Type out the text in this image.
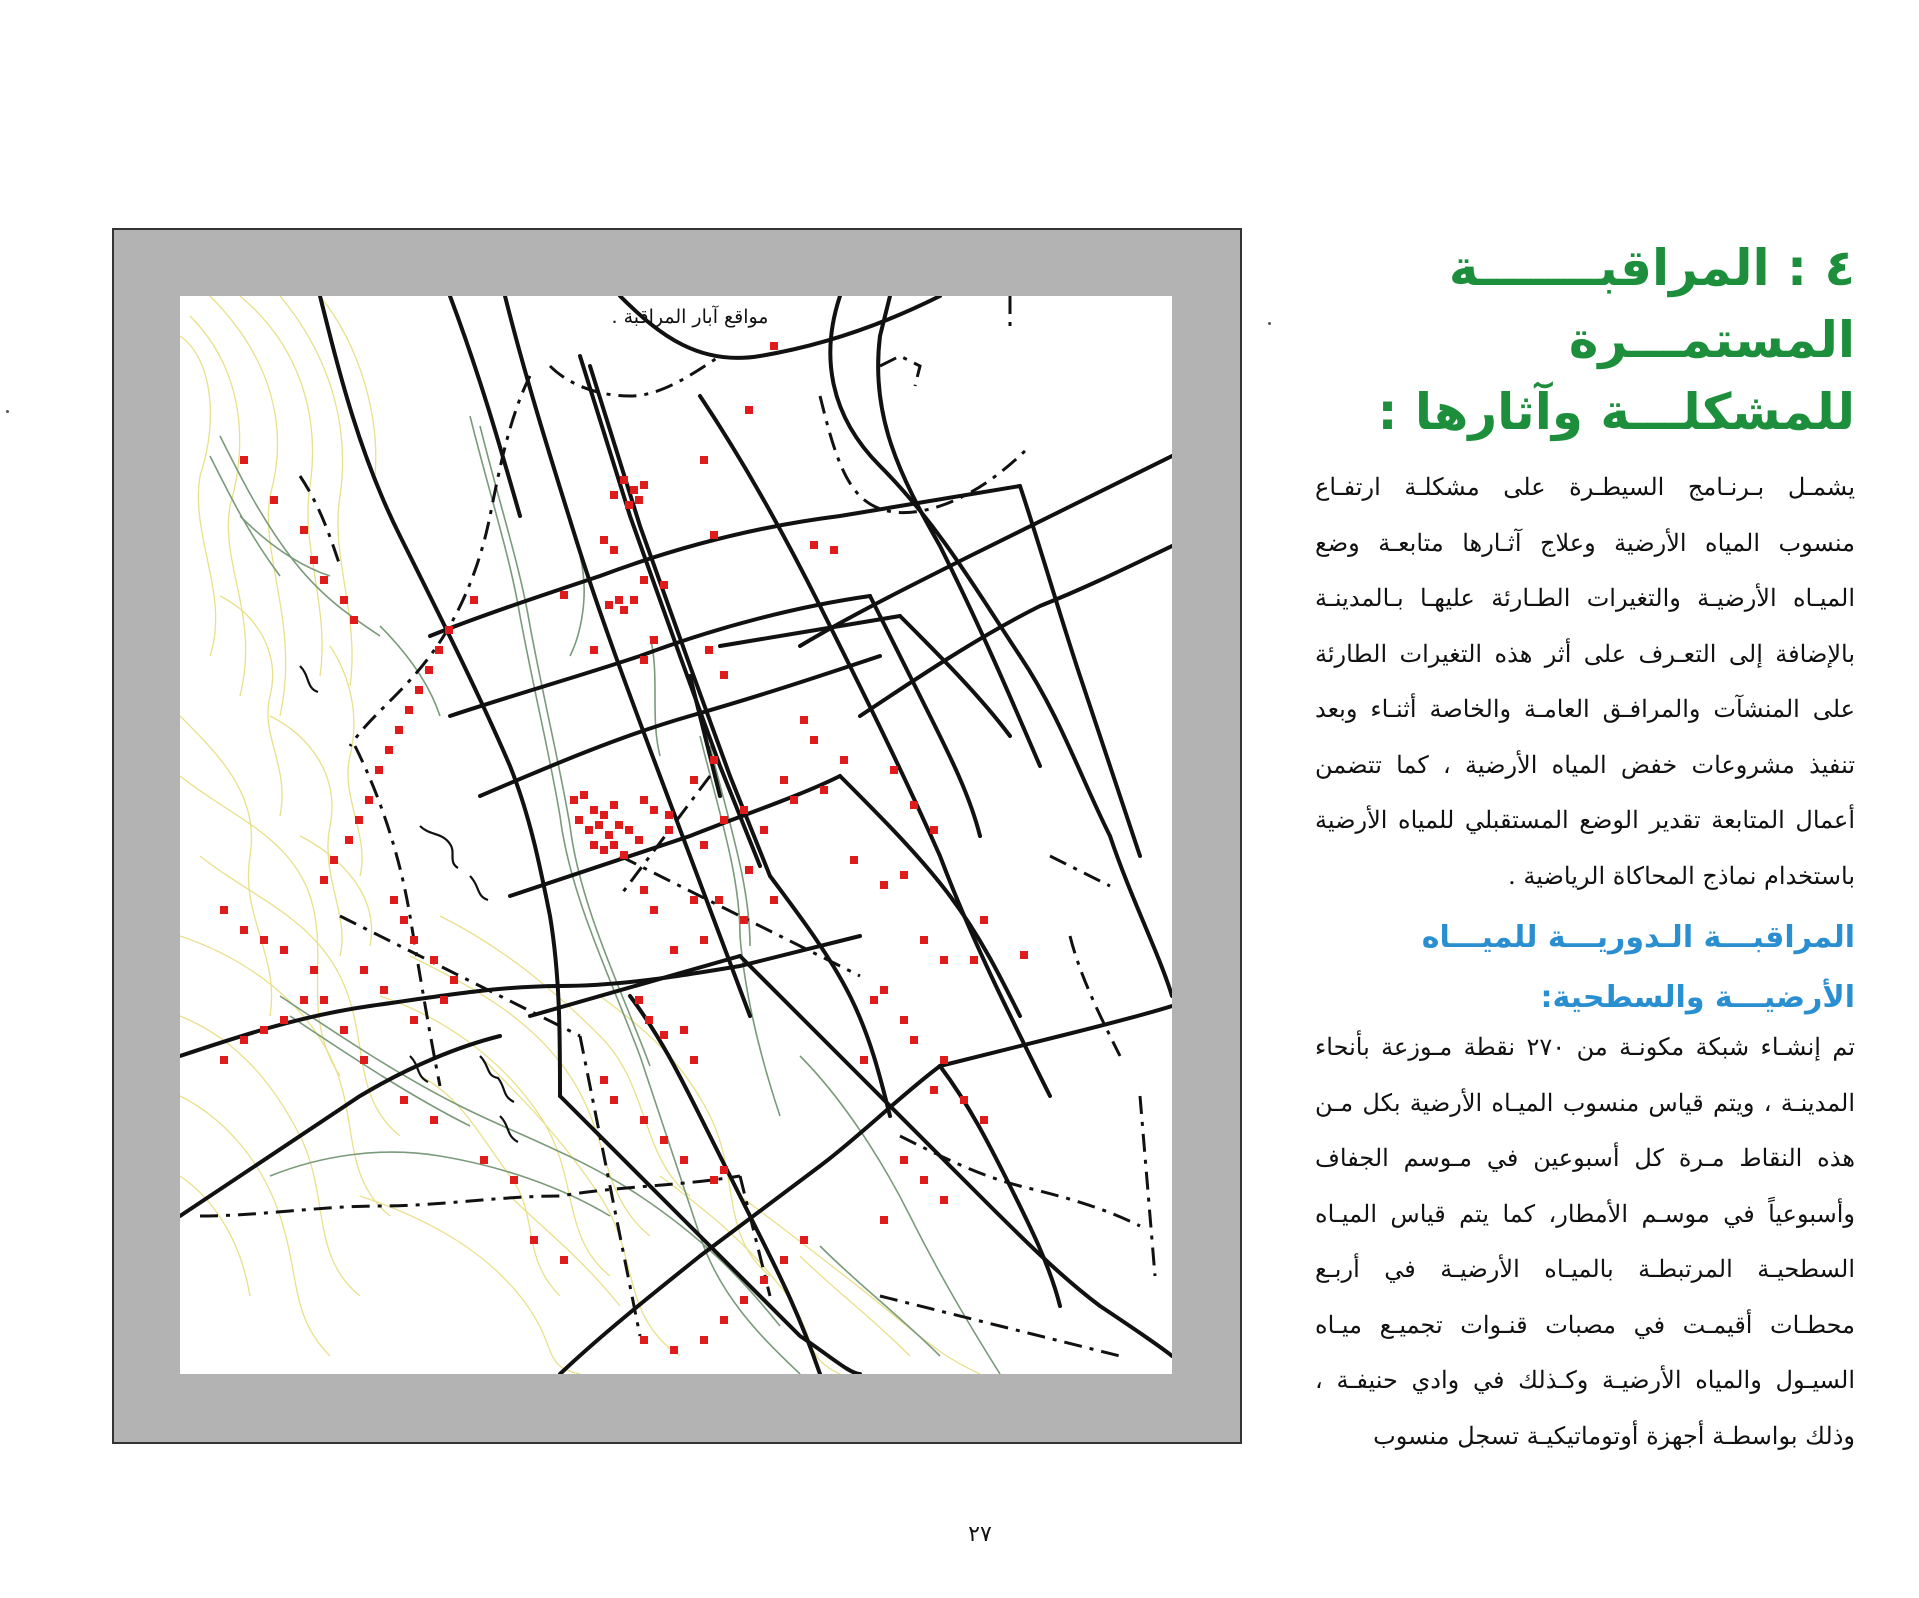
مواقع آبار المراقبة .
٤ : المراقبـــــــة المستمـــرة للمشكلـــة وآثارها :
يشمـل بـرنـامج السيطـرة على مشكلـة ارتفـاع منسوب المياه الأرضية وعلاج آثـارها متابعـة وضع الميـاه الأرضيـة والتغيرات الطـارئة عليهـا بـالمدينـة بالإضافة إلى التعـرف على أثر هذه التغيرات الطارئة على المنشآت والمرافـق العامـة والخاصة أثنـاء وبعد تنفيذ مشروعات خفض المياه الأرضية ، كما تتضمن أعمال المتابعة تقدير الوضع المستقبلي للمياه الأرضية باستخدام نماذج المحاكاة الرياضية .
المراقبـــة الـدوريـــة للميـــاه الأرضيـــة والسطحية:
تم إنشـاء شبكة مكونـة من ٢٧٠ نقطة مـوزعة بأنحاء المدينـة ، ويتم قياس منسوب الميـاه الأرضية بكل مـن هذه النقاط مـرة كل أسبوعين في مـوسم الجفاف وأسبوعياً في موسـم الأمطار، كما يتم قياس الميـاه السطحيـة المرتبطـة بالميـاه الأرضيـة في أربـع محطـات أقيمـت في مصبات قنـوات تجميـع ميـاه السيـول والمياه الأرضيـة وكـذلك في وادي حنيفـة ، وذلك بواسطـة أجهزة أوتوماتيكيـة تسجل منسوب
٢٧
